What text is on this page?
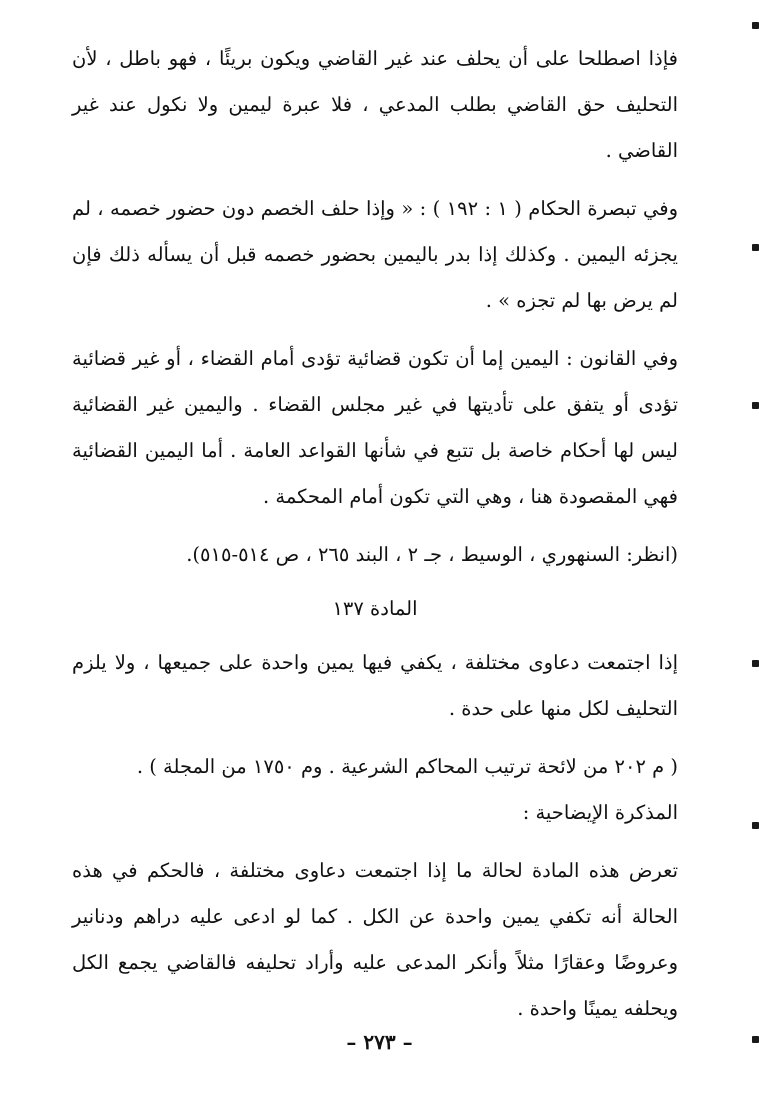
فإذا اصطلحا على أن يحلف عند غير القاضي ويكون بريئًا ، فهو باطل ، لأن التحليف حق القاضي بطلب المدعي ، فلا عبرة ليمين ولا نكول عند غير القاضي .

وفي تبصرة الحكام ( ١ : ١٩٢ ) : « وإذا حلف الخصم دون حضور خصمه ، لم يجزئه اليمين . وكذلك إذا بدر باليمين بحضور خصمه قبل أن يسأله ذلك فإن لم يرض بها لم تجزه » .

وفي القانون : اليمين إما أن تكون قضائية تؤدى أمام القضاء ، أو غير قضائية تؤدى أو يتفق على تأديتها في غير مجلس القضاء . واليمين غير القضائية ليس لها أحكام خاصة بل تتبع في شأنها القواعد العامة . أما اليمين القضائية فهي المقصودة هنا ، وهي التي تكون أمام المحكمة .

(انظر: السنهوري ، الوسيط ، جـ ٢ ، البند ٢٦٥ ، ص ٥١٤-٥١٥).

المادة ١٣٧

إذا اجتمعت دعاوى مختلفة ، يكفي فيها يمين واحدة على جميعها ، ولا يلزم التحليف لكل منها على حدة .

( م ٢٠٢ من لائحة ترتيب المحاكم الشرعية . وم ١٧٥٠ من المجلة ) .

المذكرة الإيضاحية :

تعرض هذه المادة لحالة ما إذا اجتمعت دعاوى مختلفة ، فالحكم في هذه الحالة أنه تكفي يمين واحدة عن الكل . كما لو ادعى عليه دراهم ودنانير وعروضًا وعقارًا مثلاً وأنكر المدعى عليه وأراد تحليفه فالقاضي يجمع الكل ويحلفه يمينًا واحدة .

– ٢٧٣ –
